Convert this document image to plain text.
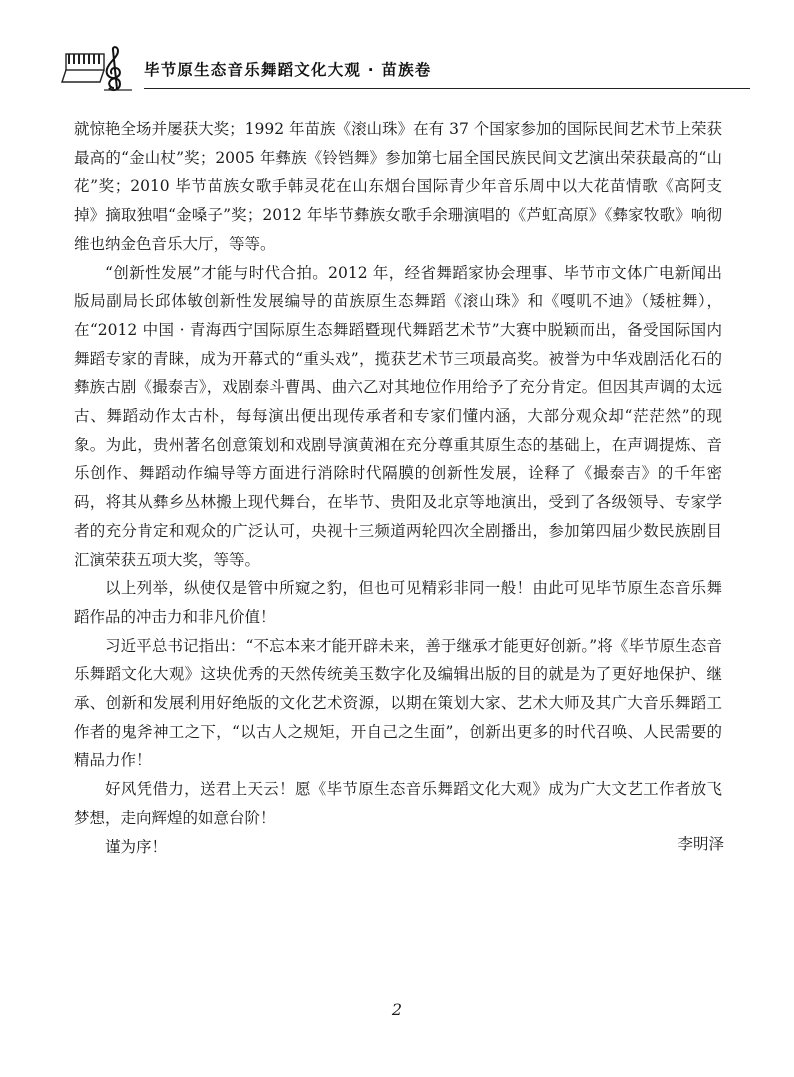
毕节原生态音乐舞蹈文化大观 · 苗族卷

就惊艳全场并屡获大奖；1992 年苗族《滚山珠》在有 37 个国家参加的国际民间艺术节上荣获最高的“金山杖”奖；2005 年彝族《铃铛舞》参加第七届全国民族民间文艺演出荣获最高的“山花”奖；2010 毕节苗族女歌手韩灵花在山东烟台国际青少年音乐周中以大花苗情歌《高阿支掉》摘取独唱“金嗓子”奖；2012 年毕节彝族女歌手余珊演唱的《芦虹高原》《彝家牧歌》响彻维也纳金色音乐大厅，等等。

“创新性发展”才能与时代合拍。2012 年，经省舞蹈家协会理事、毕节市文体广电新闻出版局副局长邱体敏创新性发展编导的苗族原生态舞蹈《滚山珠》和《嘎叽不迪》（矮桩舞），在“2012 中国 · 青海西宁国际原生态舞蹈暨现代舞蹈艺术节”大赛中脱颖而出，备受国际国内舞蹈专家的青睐，成为开幕式的“重头戏”，揽获艺术节三项最高奖。被誉为中华戏剧活化石的彝族古剧《撮泰吉》，戏剧泰斗曹禺、曲六乙对其地位作用给予了充分肯定。但因其声调的太远古、舞蹈动作太古朴，每每演出便出现传承者和专家们懂内涵，大部分观众却“茫茫然”的现象。为此，贵州著名创意策划和戏剧导演黄湘在充分尊重其原生态的基础上，在声调提炼、音乐创作、舞蹈动作编导等方面进行消除时代隔膜的创新性发展，诠释了《撮泰吉》的千年密码，将其从彝乡丛林搬上现代舞台，在毕节、贵阳及北京等地演出，受到了各级领导、专家学者的充分肯定和观众的广泛认可，央视十三频道两轮四次全剧播出，参加第四届少数民族剧目汇演荣获五项大奖，等等。

以上列举，纵使仅是管中所窥之豹，但也可见精彩非同一般！由此可见毕节原生态音乐舞蹈作品的冲击力和非凡价值！

习近平总书记指出：“不忘本来才能开辟未来，善于继承才能更好创新。”将《毕节原生态音乐舞蹈文化大观》这块优秀的天然传统美玉数字化及编辑出版的目的就是为了更好地保护、继承、创新和发展利用好绝版的文化艺术资源，以期在策划大家、艺术大师及其广大音乐舞蹈工作者的鬼斧神工之下，“以古人之规矩，开自己之生面”，创新出更多的时代召唤、人民需要的精品力作！

好风凭借力，送君上天云！愿《毕节原生态音乐舞蹈文化大观》成为广大文艺工作者放飞梦想，走向辉煌的如意台阶！

谨为序！	李明泽
2
